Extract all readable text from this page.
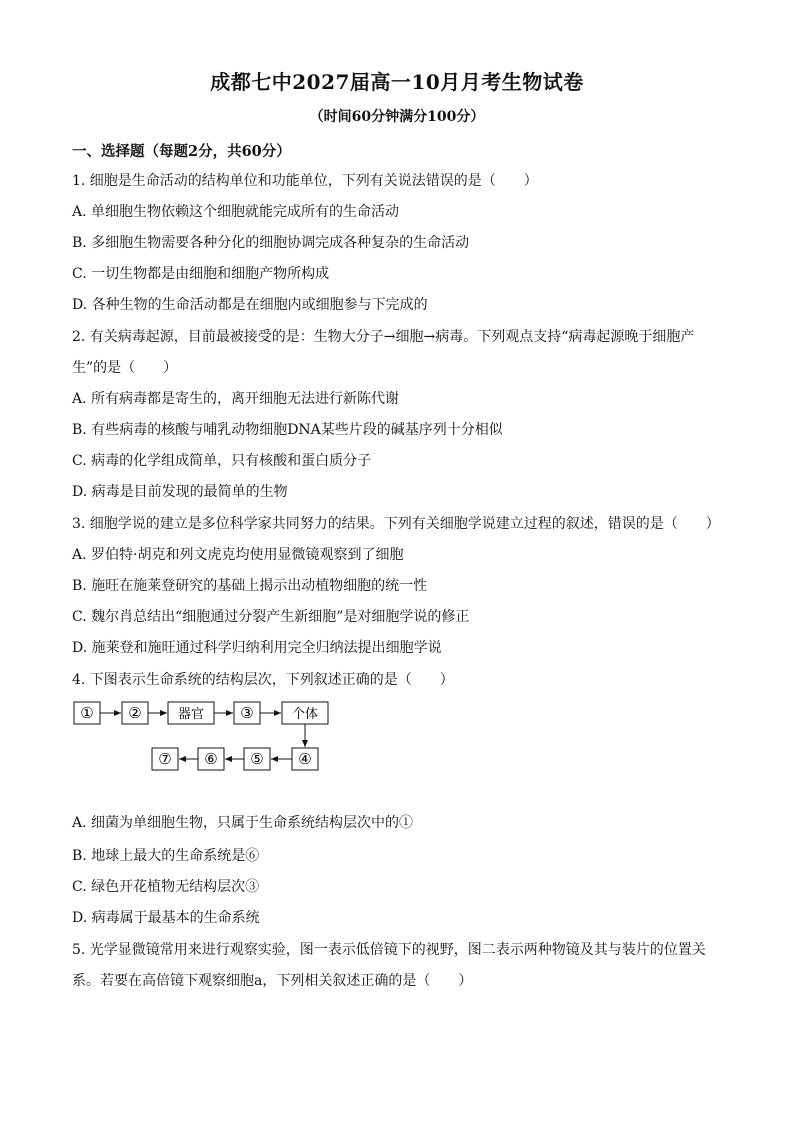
成都七中2027届高一10月月考生物试卷
（时间60分钟满分100分）
一、选择题（每题2分，共60分）
1. 细胞是生命活动的结构单位和功能单位，下列有关说法错误的是（　　）
A. 单细胞生物依赖这个细胞就能完成所有的生命活动
B. 多细胞生物需要各种分化的细胞协调完成各种复杂的生命活动
C. 一切生物都是由细胞和细胞产物所构成
D. 各种生物的生命活动都是在细胞内或细胞参与下完成的
2. 有关病毒起源，目前最被接受的是：生物大分子→细胞→病毒。下列观点支持“病毒起源晚于细胞产
生”的是（　　）
A. 所有病毒都是寄生的，离开细胞无法进行新陈代谢
B. 有些病毒的核酸与哺乳动物细胞DNA某些片段的碱基序列十分相似
C. 病毒的化学组成简单，只有核酸和蛋白质分子
D. 病毒是目前发现的最简单的生物
3. 细胞学说的建立是多位科学家共同努力的结果。下列有关细胞学说建立过程的叙述，错误的是（　　）
A. 罗伯特·胡克和列文虎克均使用显微镜观察到了细胞
B. 施旺在施莱登研究的基础上揭示出动植物细胞的统一性
C. 魏尔肖总结出“细胞通过分裂产生新细胞”是对细胞学说的修正
D. 施莱登和施旺通过科学归纳利用完全归纳法提出细胞学说
4. 下图表示生命系统的结构层次，下列叙述正确的是（　　）
① ②	器官 ③	个体
⑦ ⑥ ⑤ ④
A. 细菌为单细胞生物，只属于生命系统结构层次中的①
B. 地球上最大的生命系统是⑥
C. 绿色开花植物无结构层次③
D. 病毒属于最基本的生命系统
5. 光学显微镜常用来进行观察实验，图一表示低倍镜下的视野，图二表示两种物镜及其与装片的位置关
系。若要在高倍镜下观察细胞a，下列相关叙述正确的是（　　）
